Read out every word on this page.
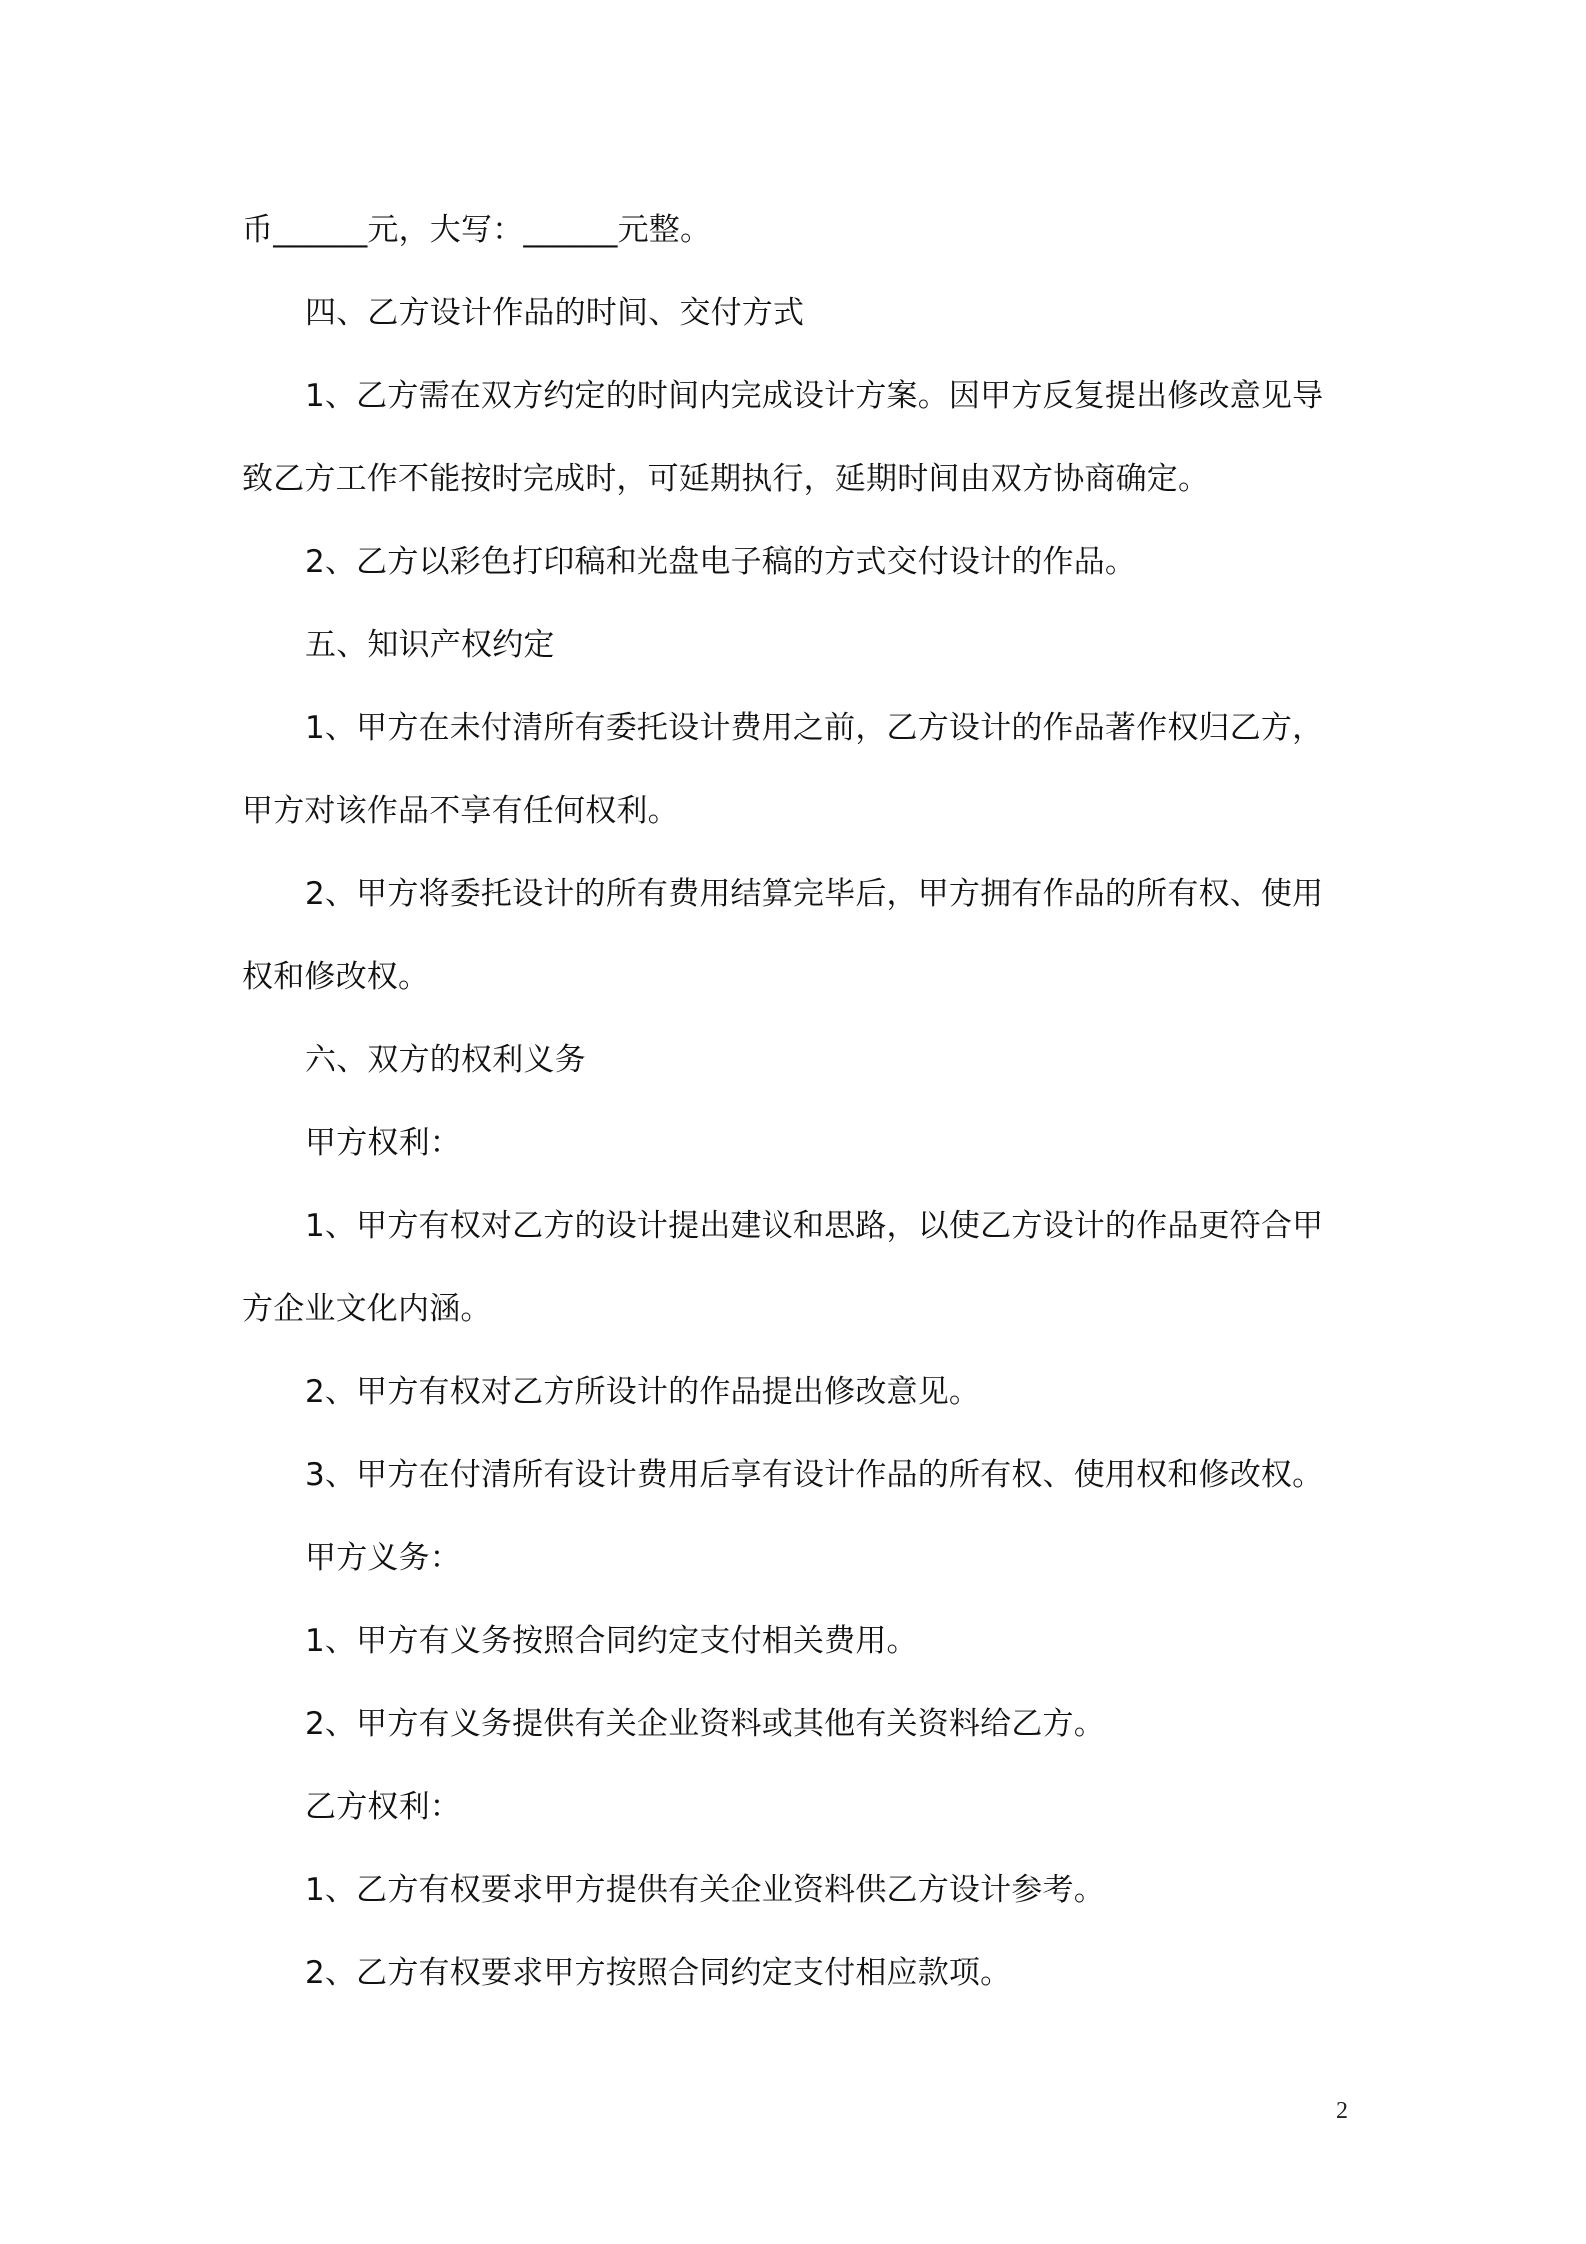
币______元，大写：______元整。
四、乙方设计作品的时间、交付方式
1、乙方需在双方约定的时间内完成设计方案。因甲方反复提出修改意见导
致乙方工作不能按时完成时，可延期执行，延期时间由双方协商确定。
2、乙方以彩色打印稿和光盘电子稿的方式交付设计的作品。
五、知识产权约定
1、甲方在未付清所有委托设计费用之前，乙方设计的作品著作权归乙方，
甲方对该作品不享有任何权利。
2、甲方将委托设计的所有费用结算完毕后，甲方拥有作品的所有权、使用
权和修改权。
六、双方的权利义务
甲方权利：
1、甲方有权对乙方的设计提出建议和思路，以使乙方设计的作品更符合甲
方企业文化内涵。
2、甲方有权对乙方所设计的作品提出修改意见。
3、甲方在付清所有设计费用后享有设计作品的所有权、使用权和修改权。
甲方义务：
1、甲方有义务按照合同约定支付相关费用。
2、甲方有义务提供有关企业资料或其他有关资料给乙方。
乙方权利：
1、乙方有权要求甲方提供有关企业资料供乙方设计参考。
2、乙方有权要求甲方按照合同约定支付相应款项。
2
